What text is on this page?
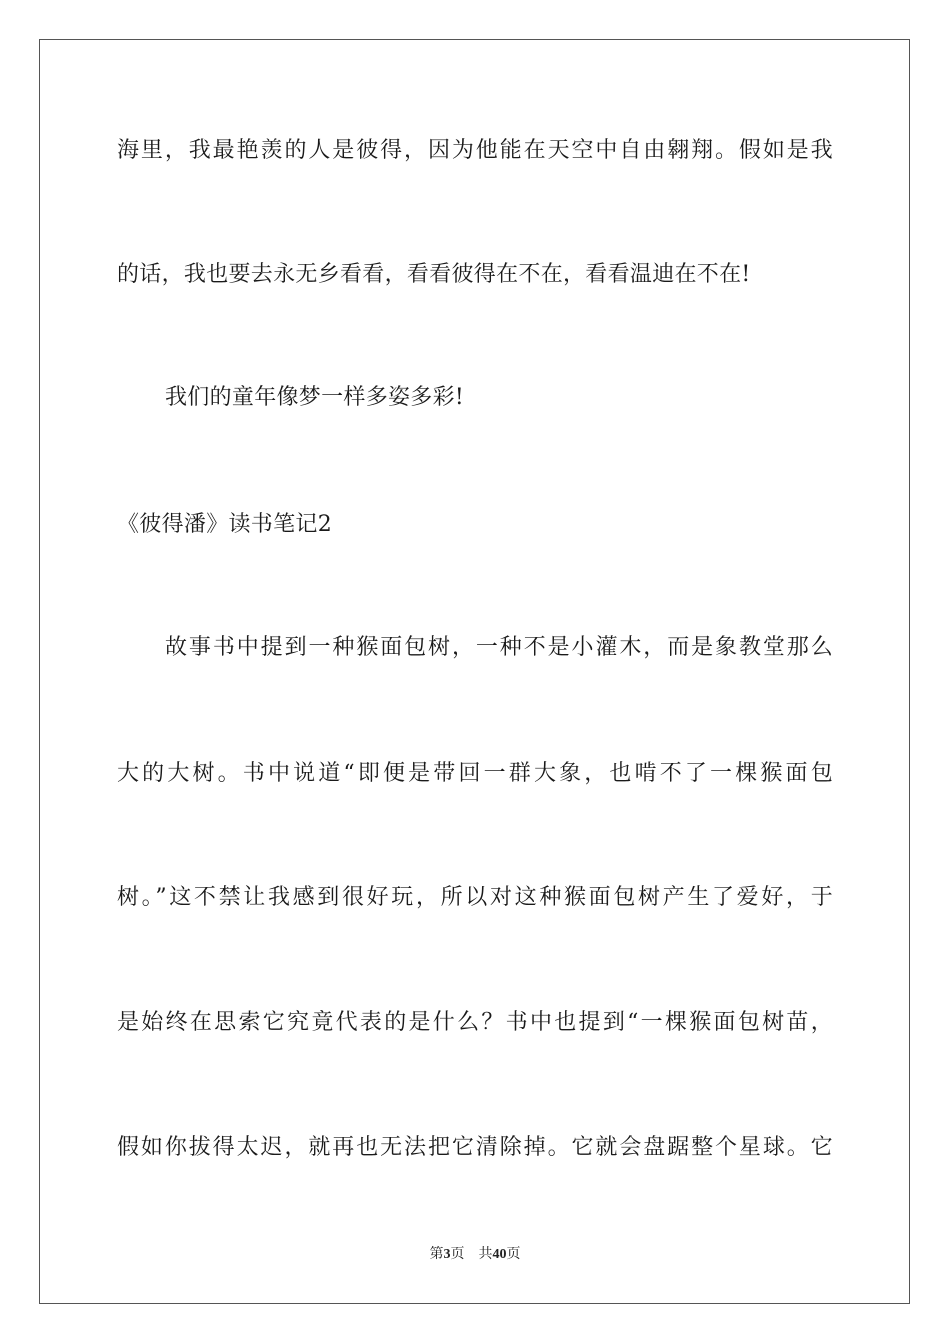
海里，我最艳羡的人是彼得，因为他能在天空中自由翱翔。假如是我
的话，我也要去永无乡看看，看看彼得在不在，看看温迪在不在!
我们的童年像梦一样多姿多彩!
《彼得潘》读书笔记2
故事书中提到一种猴面包树，一种不是小灌木，而是象教堂那么
大的大树。书中说道“即便是带回一群大象，也啃不了一棵猴面包
树。”这不禁让我感到很好玩，所以对这种猴面包树产生了爱好，于
是始终在思索它究竟代表的是什么？书中也提到“一棵猴面包树苗，
假如你拔得太迟，就再也无法把它清除掉。它就会盘踞整个星球。它
第3页 共40页
